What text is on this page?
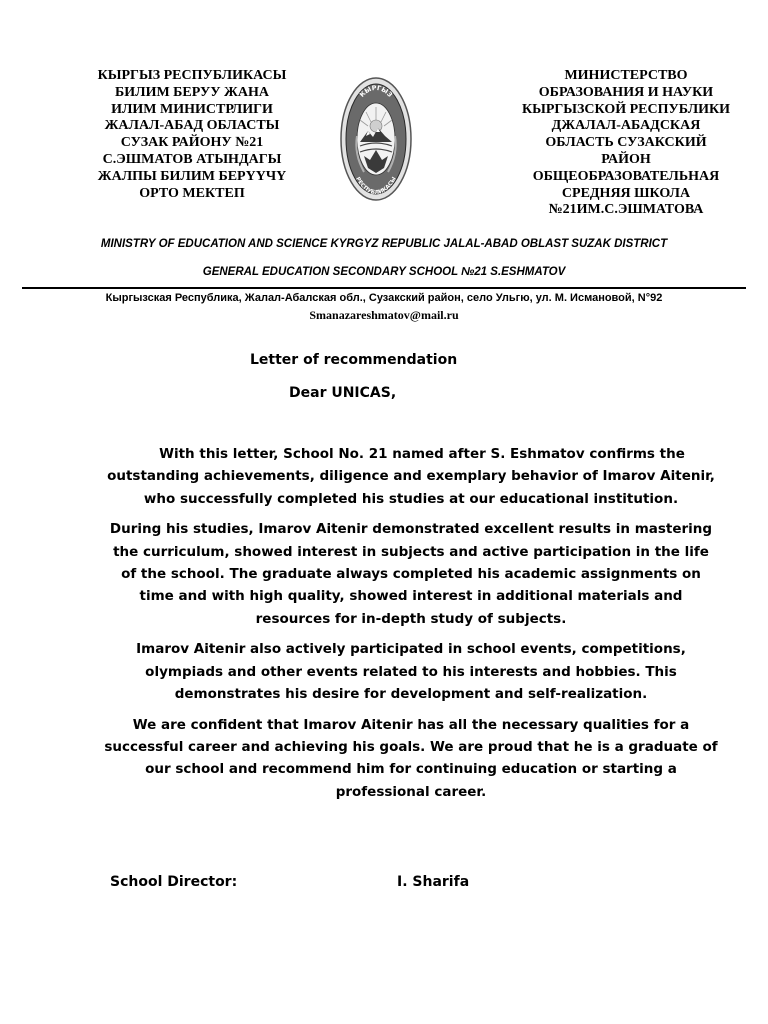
КЫРГЫЗ РЕСПУБЛИКАСЫ
БИЛИМ БЕРУУ ЖАНА
ИЛИМ МИНИСТРЛИГИ
ЖАЛАЛ-АБАД ОБЛАСТЫ
СУЗАК РАЙОНУ №21
С.ЭШМАТОВ АТЫНДАГЫ
ЖАЛПЫ БИЛИМ БЕРҮҮЧҮ
ОРТО МЕКТЕП
КЫРГЫЗ
РЕСПУБЛИКАСЫ
МИНИСТЕРСТВО
ОБРАЗОВАНИЯ И НАУКИ
КЫРГЫЗСКОЙ РЕСПУБЛИКИ
ДЖАЛАЛ-АБАДСКАЯ
ОБЛАСТЬ СУЗАКСКИЙ
РАЙОН
ОБЩЕОБРАЗОВАТЕЛЬНАЯ
СРЕДНЯЯ ШКОЛА
№21ИМ.С.ЭШМАТОВА
MINISTRY OF EDUCATION AND SCIENCE KYRGYZ REPUBLIC JALAL-ABAD OBLAST SUZAK DISTRICT
GENERAL EDUCATION SECONDARY SCHOOL №21 S.ESHMATOV
Кыргызская Республика, Жалал-Абалская обл., Сузакский район, село Ульгю, ул. М. Исмановой, N°92
Smanazareshmatov@mail.ru
Letter of recommendation
Dear UNICAS,

With this letter, School No. 21 named after S. Eshmatov confirms the outstanding achievements, diligence and exemplary behavior of Imarov Aitenir, who successfully completed his studies at our educational institution.

During his studies, Imarov Aitenir demonstrated excellent results in mastering the curriculum, showed interest in subjects and active participation in the life of the school. The graduate always completed his academic assignments on time and with high quality, showed interest in additional materials and resources for in-depth study of subjects.

Imarov Aitenir also actively participated in school events, competitions, olympiads and other events related to his interests and hobbies. This demonstrates his desire for development and self-realization.

We are confident that Imarov Aitenir has all the necessary qualities for a successful career and achieving his goals. We are proud that he is a graduate of our school and recommend him for continuing education or starting a professional career.

School Director:	I. Sharifa
